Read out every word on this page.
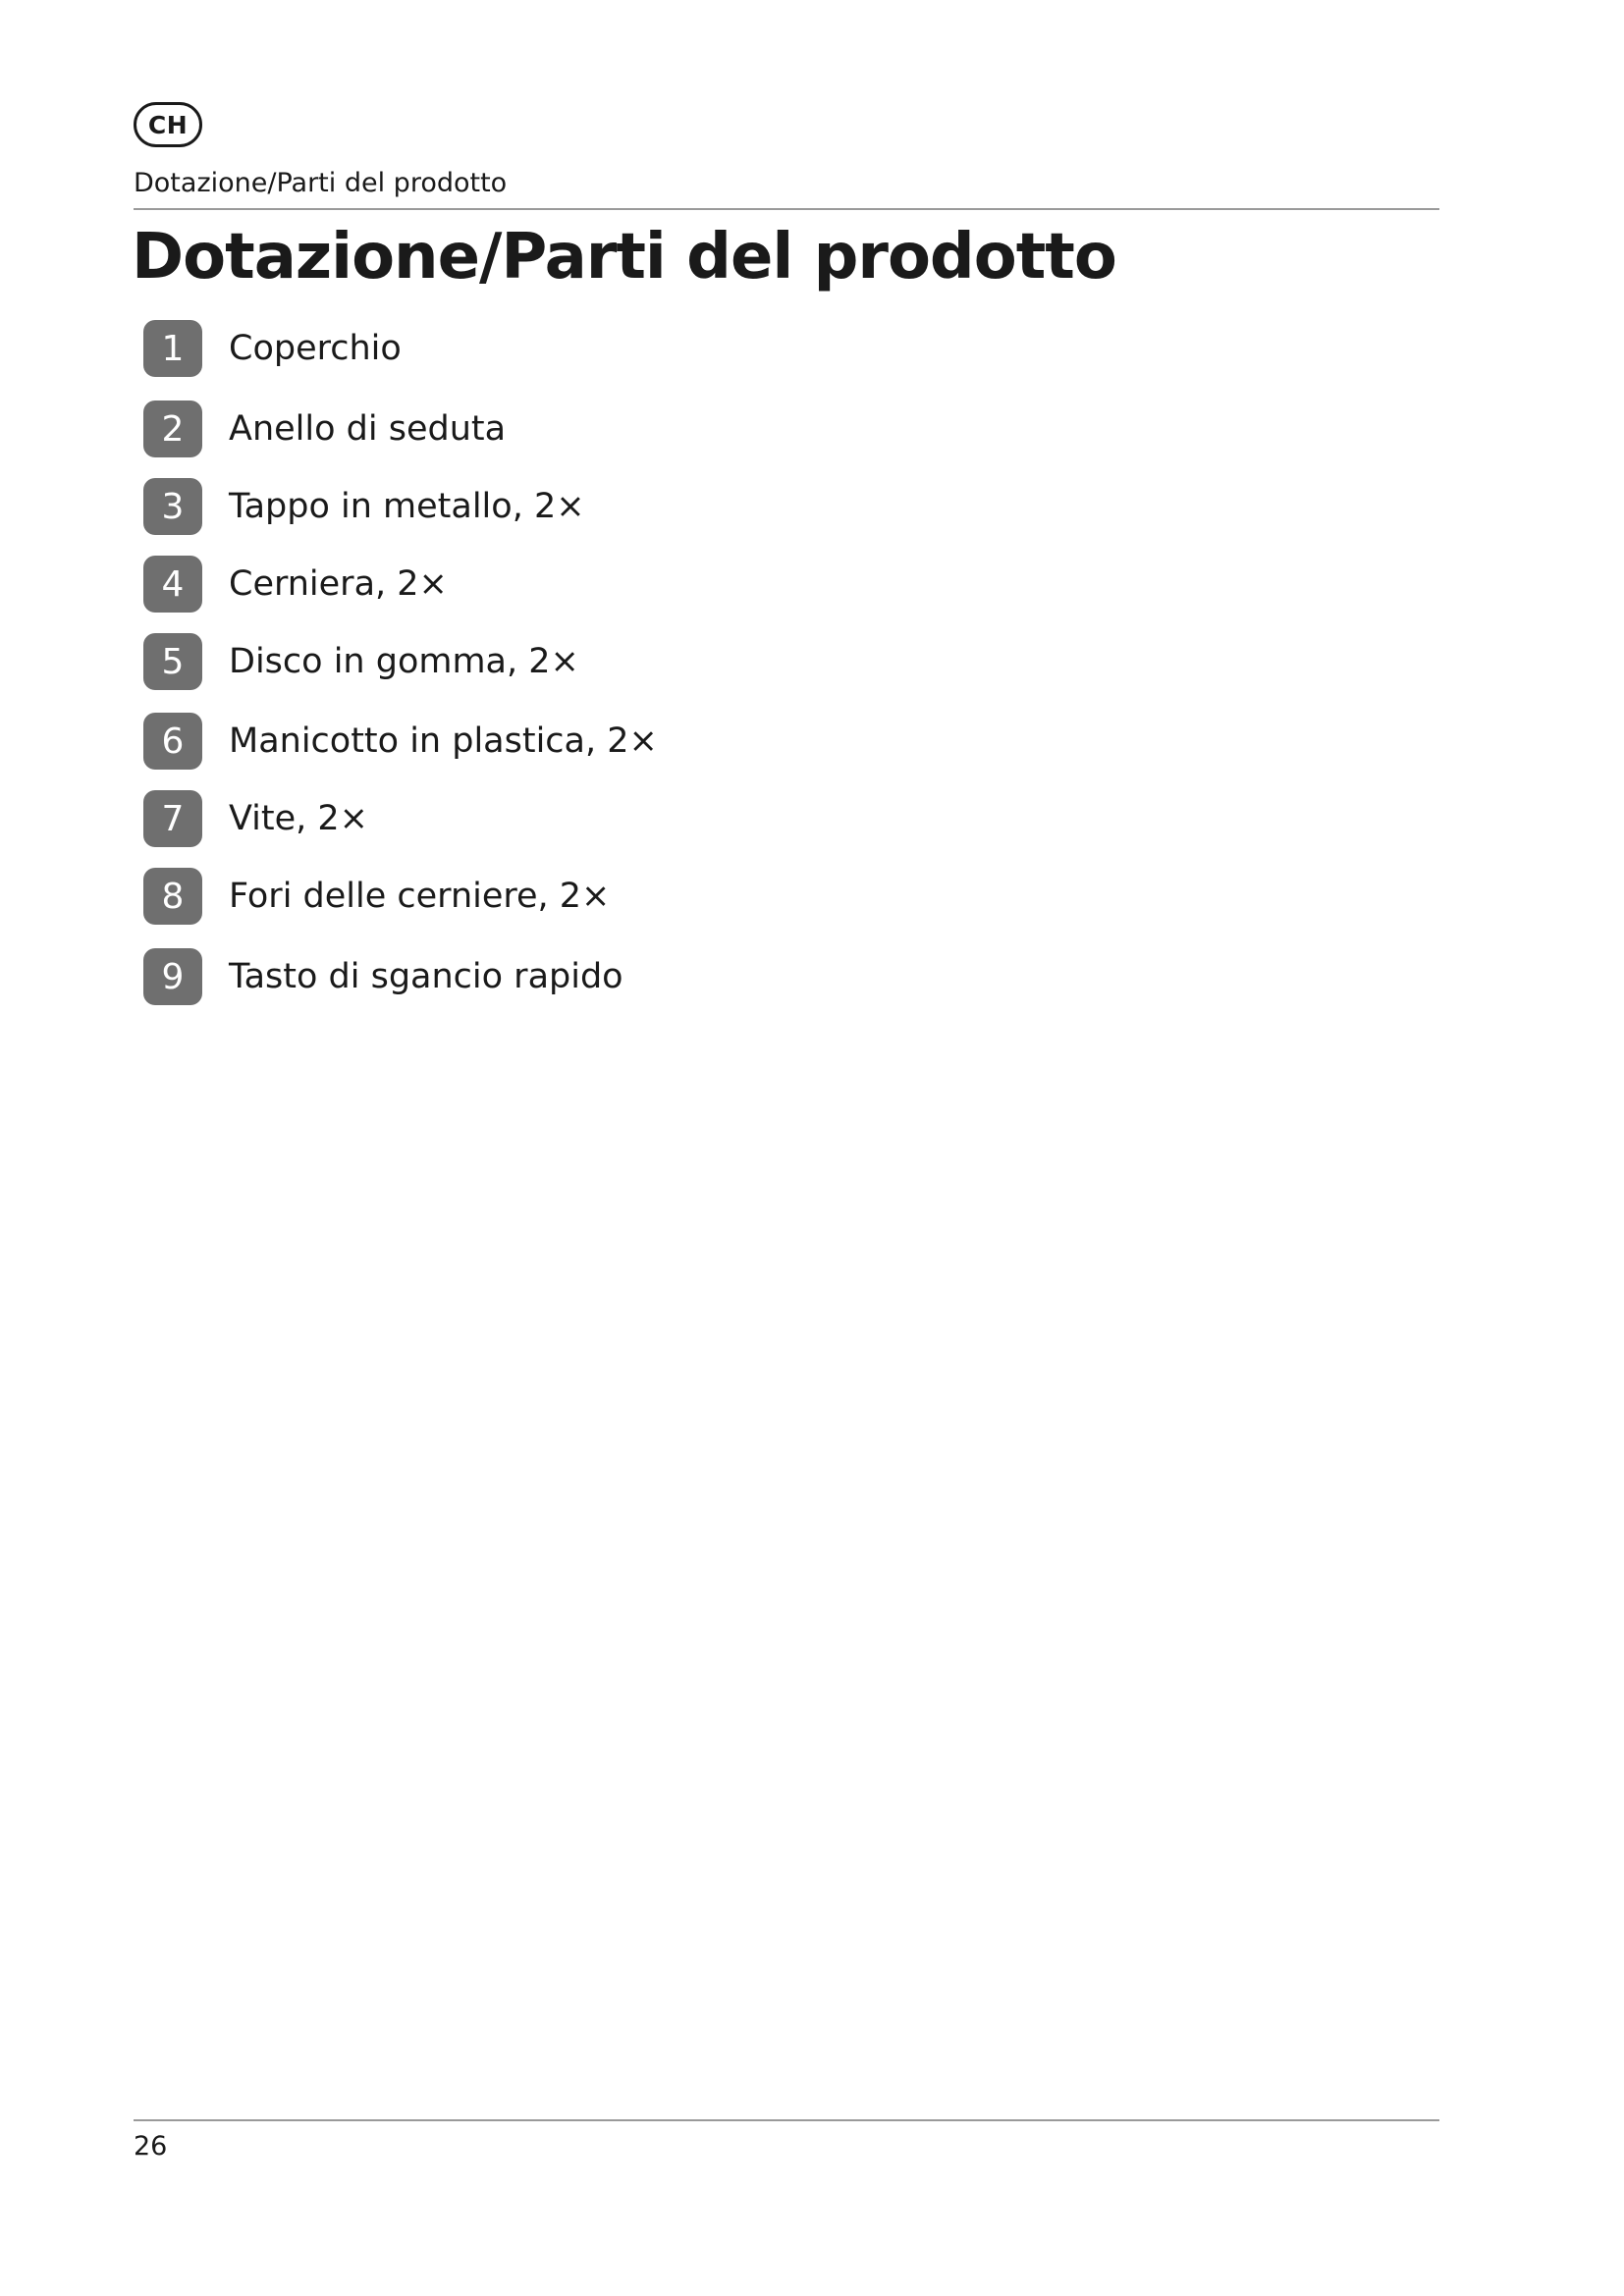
CH
Dotazione/Parti del prodotto
Dotazione/Parti del prodotto
1	Coperchio
2	Anello di seduta
3	Tappo in metallo, 2×
4	Cerniera, 2×
5	Disco in gomma, 2×
6	Manicotto in plastica, 2×
7	Vite, 2×
8	Fori delle cerniere, 2×
9	Tasto di sgancio rapido
26
